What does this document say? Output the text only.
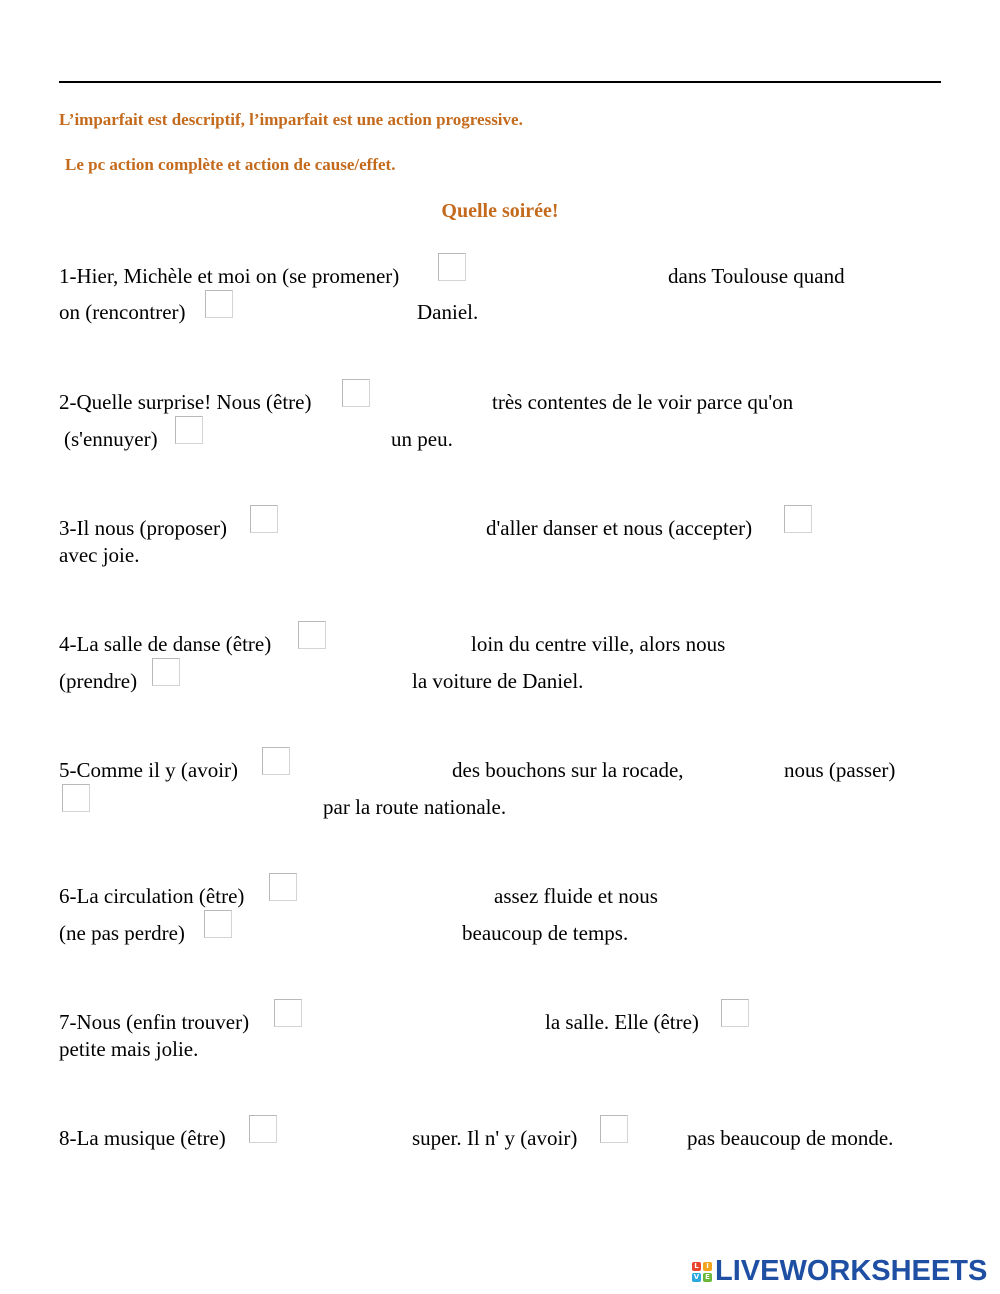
L’imparfait est descriptif, l’imparfait est une action progressive.
Le pc action complète et action de cause/effet.
Quelle soirée!
1-Hier, Michèle et moi on (se promener)	dans Toulouse quand
on (rencontrer)	Daniel.
2-Quelle surprise! Nous (être)	très contentes de le voir parce qu'on
(s'ennuyer)	un peu.
3-Il nous (proposer)	d'aller danser et nous (accepter)
avec joie.
4-La salle de danse (être)	loin du centre ville, alors nous
(prendre)	la voiture de Daniel.
5-Comme il y (avoir)	des bouchons sur la rocade,	nous (passer)
par la route nationale.
6-La circulation (être)	assez fluide et nous
(ne pas perdre)	beaucoup de temps.
7-Nous (enfin trouver)	la salle. Elle (être)
petite mais jolie.
8-La musique (être)	super. Il n' y (avoir)	pas beaucoup de monde.
L	I
V E LIVEWORKSHEETS
